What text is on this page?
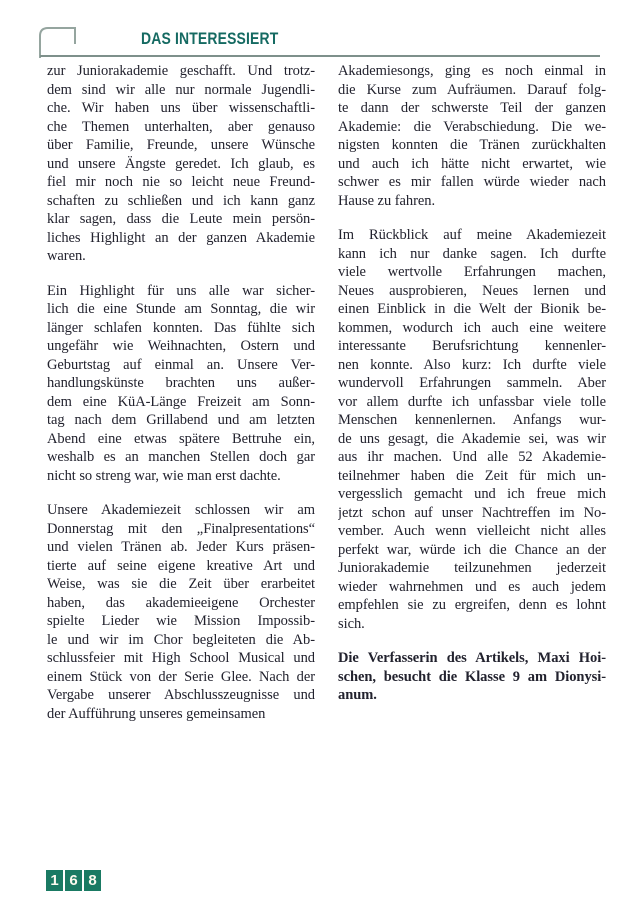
DAS INTERESSIERT
zur Juniorakademie geschafft. Und trotz-
dem sind wir alle nur normale Jugendli-
che. Wir haben uns über wissenschaftli-
che Themen unterhalten, aber genauso
über Familie, Freunde, unsere Wünsche
und unsere Ängste geredet. Ich glaub, es
fiel mir noch nie so leicht neue Freund-
schaften zu schließen und ich kann ganz
klar sagen, dass die Leute mein persön-
liches Highlight an der ganzen Akademie
waren.
Ein Highlight für uns alle war sicher-
lich die eine Stunde am Sonntag, die wir
länger schlafen konnten. Das fühlte sich
ungefähr wie Weihnachten, Ostern und
Geburtstag auf einmal an. Unsere Ver-
handlungskünste brachten uns außer-
dem eine KüA-Länge Freizeit am Sonn-
tag nach dem Grillabend und am letzten
Abend eine etwas spätere Bettruhe ein,
weshalb es an manchen Stellen doch gar
nicht so streng war, wie man erst dachte.
Unsere Akademiezeit schlossen wir am
Donnerstag mit den „Finalpresentations“
und vielen Tränen ab. Jeder Kurs präsen-
tierte auf seine eigene kreative Art und
Weise, was sie die Zeit über erarbeitet
haben, das akademieeigene Orchester
spielte Lieder wie Mission Impossib-
le und wir im Chor begleiteten die Ab-
schlussfeier mit High School Musical und
einem Stück von der Serie Glee. Nach der
Vergabe unserer Abschlusszeugnisse und
der Aufführung unseres gemeinsamen
Akademiesongs, ging es noch einmal in
die Kurse zum Aufräumen. Darauf folg-
te dann der schwerste Teil der ganzen
Akademie: die Verabschiedung. Die we-
nigsten konnten die Tränen zurückhalten
und auch ich hätte nicht erwartet, wie
schwer es mir fallen würde wieder nach
Hause zu fahren.
Im Rückblick auf meine Akademiezeit
kann ich nur danke sagen. Ich durfte
viele wertvolle Erfahrungen machen,
Neues ausprobieren, Neues lernen und
einen Einblick in die Welt der Bionik be-
kommen, wodurch ich auch eine weitere
interessante Berufsrichtung kennenler-
nen konnte. Also kurz: Ich durfte viele
wundervoll Erfahrungen sammeln. Aber
vor allem durfte ich unfassbar viele tolle
Menschen kennenlernen. Anfangs wur-
de uns gesagt, die Akademie sei, was wir
aus ihr machen. Und alle 52 Akademie-
teilnehmer haben die Zeit für mich un-
vergesslich gemacht und ich freue mich
jetzt schon auf unser Nachtreffen im No-
vember. Auch wenn vielleicht nicht alles
perfekt war, würde ich die Chance an der
Juniorakademie teilzunehmen jederzeit
wieder wahrnehmen und es auch jedem
empfehlen sie zu ergreifen, denn es lohnt
sich.
Die Verfasserin des Artikels, Maxi Hoi-
schen, besucht die Klasse 9 am Dionysi-
anum.
1 6 8
